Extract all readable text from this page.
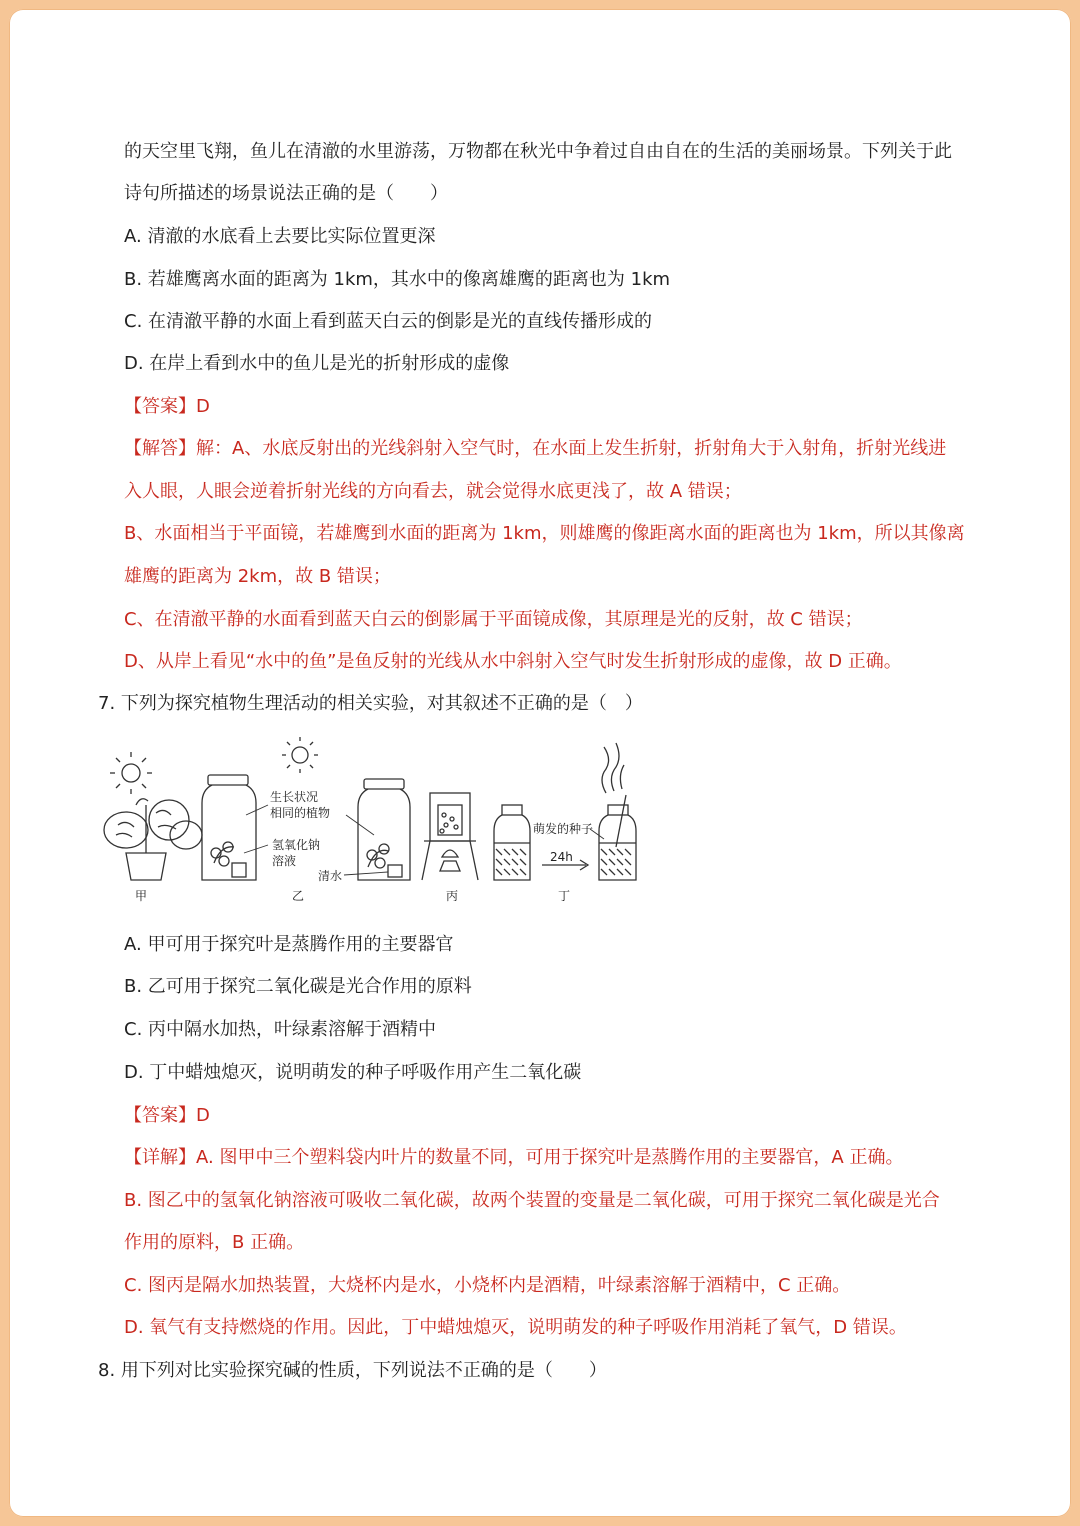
的天空里飞翔，鱼儿在清澈的水里游荡，万物都在秋光中争着过自由自在的生活的美丽场景。下列关于此
诗句所描述的场景说法正确的是（　　）
A. 清澈的水底看上去要比实际位置更深
B. 若雄鹰离水面的距离为 1km，其水中的像离雄鹰的距离也为 1km
C. 在清澈平静的水面上看到蓝天白云的倒影是光的直线传播形成的
D. 在岸上看到水中的鱼儿是光的折射形成的虚像
【答案】D
【解答】解：A、水底反射出的光线斜射入空气时，在水面上发生折射，折射角大于入射角，折射光线进
入人眼，人眼会逆着折射光线的方向看去，就会觉得水底更浅了，故 A 错误；
B、水面相当于平面镜，若雄鹰到水面的距离为 1km，则雄鹰的像距离水面的距离也为 1km，所以其像离
雄鹰的距离为 2km，故 B 错误；
C、在清澈平静的水面看到蓝天白云的倒影属于平面镜成像，其原理是光的反射，故 C 错误；
D、从岸上看见“水中的鱼”是鱼反射的光线从水中斜射入空气时发生折射形成的虚像，故 D 正确。
7. 下列为探究植物生理活动的相关实验，对其叙述不正确的是（　）
甲	乙	丙	丁
生长状况
相同的植物
氢氧化钠
溶液
清水
萌发的种子
24h
A. 甲可用于探究叶是蒸腾作用的主要器官
B. 乙可用于探究二氧化碳是光合作用的原料
C. 丙中隔水加热，叶绿素溶解于酒精中
D. 丁中蜡烛熄灭，说明萌发的种子呼吸作用产生二氧化碳
【答案】D
【详解】A. 图甲中三个塑料袋内叶片的数量不同，可用于探究叶是蒸腾作用的主要器官，A 正确。
B. 图乙中的氢氧化钠溶液可吸收二氧化碳，故两个装置的变量是二氧化碳，可用于探究二氧化碳是光合
作用的原料，B 正确。
C. 图丙是隔水加热装置，大烧杯内是水，小烧杯内是酒精，叶绿素溶解于酒精中，C 正确。
D. 氧气有支持燃烧的作用。因此，丁中蜡烛熄灭，说明萌发的种子呼吸作用消耗了氧气，D 错误。
8. 用下列对比实验探究碱的性质，下列说法不正确的是（　　）
